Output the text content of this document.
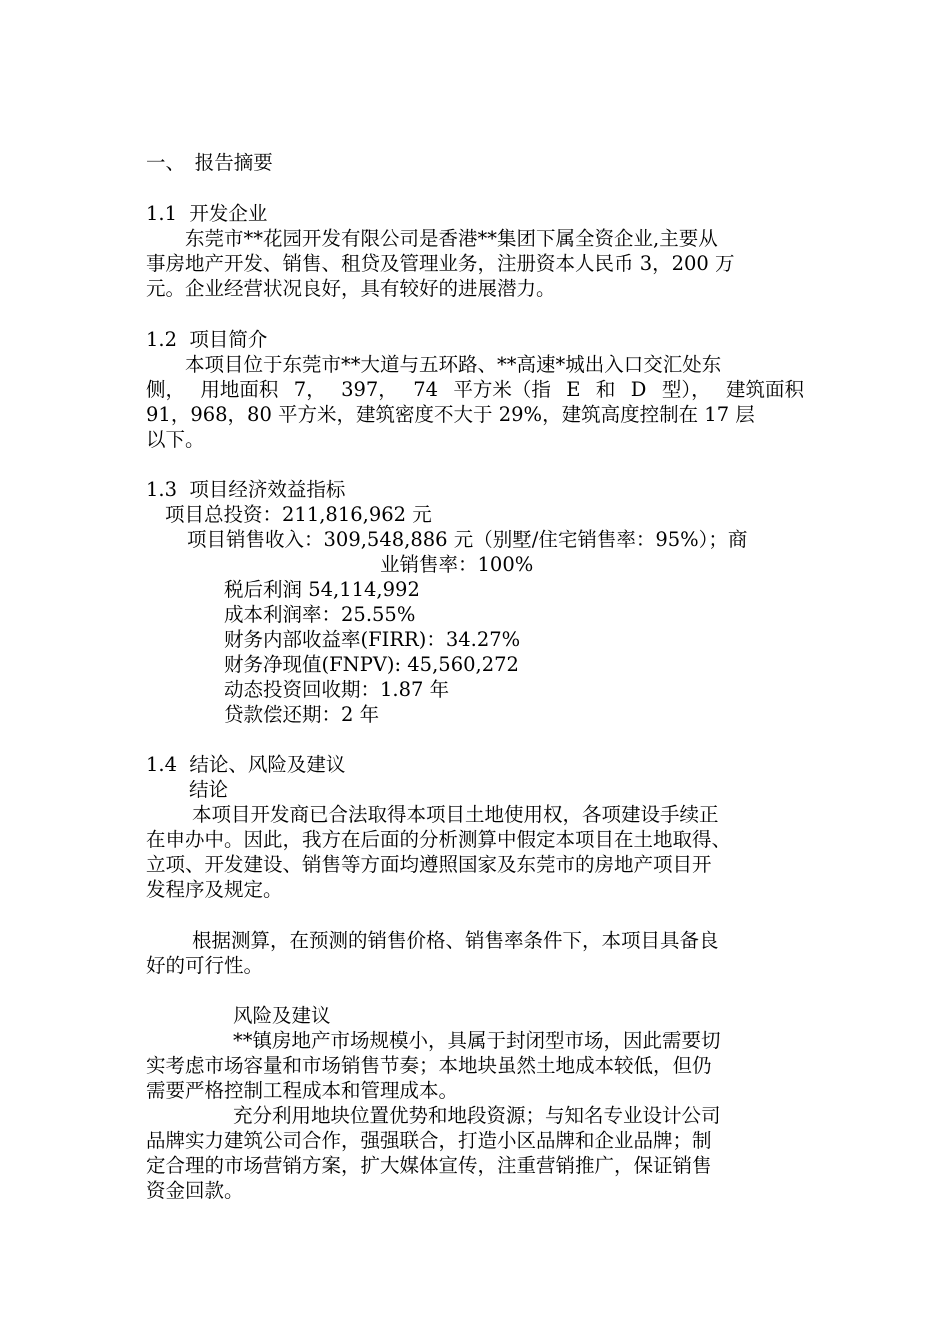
一、　报告摘要
1.1  开发企业
　　东莞市**花园开发有限公司是香港**集团下属全资企业,主要从
事房地产开发、销售、租贷及管理业务，注册资本人民币 3，200 万
元。企业经营状况良好，具有较好的进展潜力。
1.2  项目简介
　　本项目位于东莞市**大道与五环路、**高速*城出入口交汇处东
侧， 用地面积 7， 397， 74 平方米（指 E 和 D 型）， 建筑面积
91，968，80 平方米，建筑密度不大于 29%，建筑高度控制在 17 层
以下。
1.3  项目经济效益指标
项目总投资：211,816,962 元
项目销售收入：309,548,886 元（别墅/住宅销售率：95%）；商
业销售率：100%
税后利润 54,114,992
成本利润率：25.55%
财务内部收益率(FIRR)：34.27%
财务净现值(FNPV): 45,560,272
动态投资回收期：1.87 年
贷款偿还期：2 年
1.4  结论、风险及建议
结论
本项目开发商已合法取得本项目土地使用权，各项建设手续正
在申办中。因此，我方在后面的分析测算中假定本项目在土地取得、
立项、开发建设、销售等方面均遵照国家及东莞市的房地产项目开
发程序及规定。
根据测算，在预测的销售价格、销售率条件下，本项目具备良
好的可行性。
风险及建议
**镇房地产市场规模小，具属于封闭型市场，因此需要切
实考虑市场容量和市场销售节奏；本地块虽然土地成本较低，但仍
需要严格控制工程成本和管理成本。
充分利用地块位置优势和地段资源；与知名专业设计公司
品牌实力建筑公司合作，强强联合，打造小区品牌和企业品牌；制
定合理的市场营销方案，扩大媒体宣传，注重营销推广，保证销售
资金回款。
